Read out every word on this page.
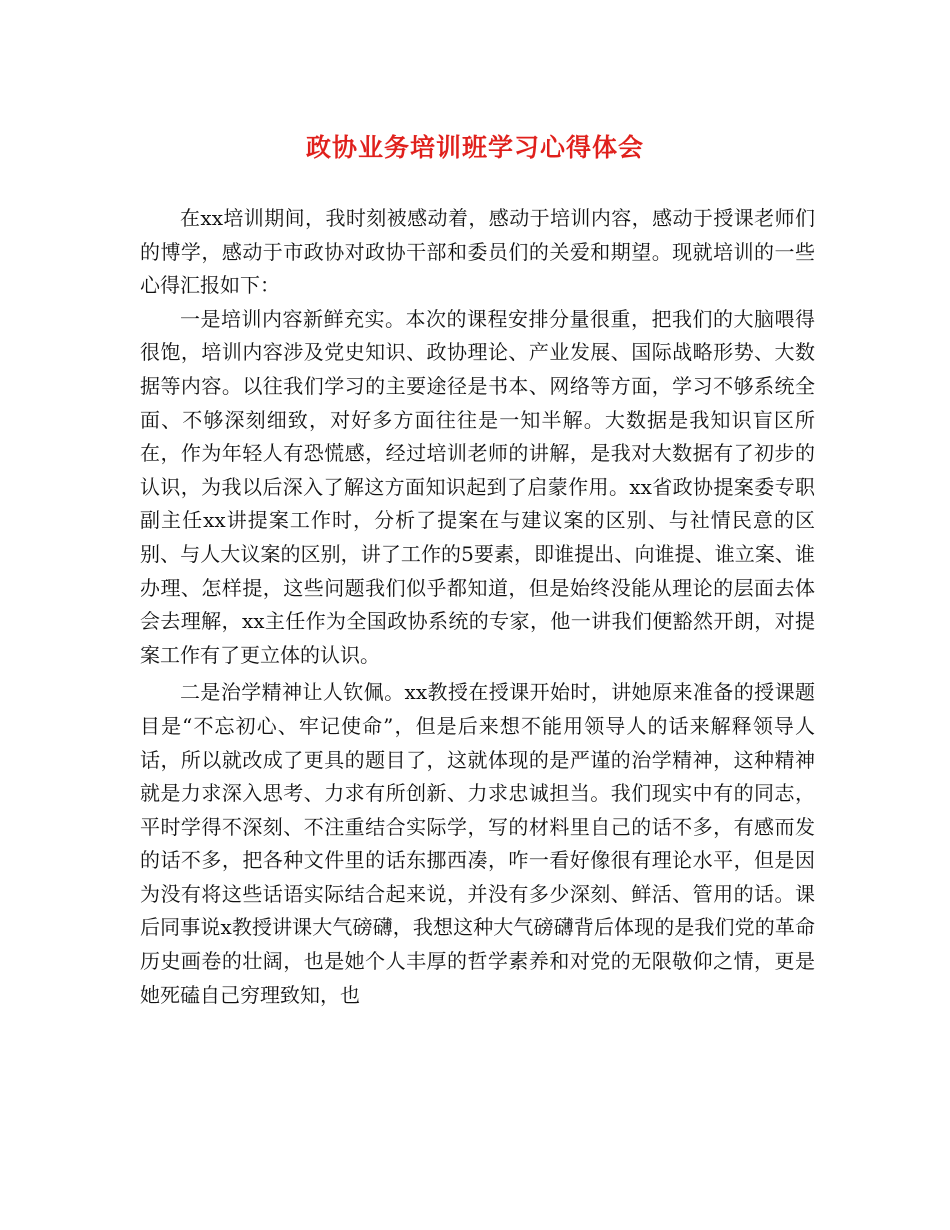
政协业务培训班学习心得体会

在xx培训期间，我时刻被感动着，感动于培训内容，感动于授课老师们的博学，感动于市政协对政协干部和委员们的关爱和期望。现就培训的一些心得汇报如下：

一是培训内容新鲜充实。本次的课程安排分量很重，把我们的大脑喂得很饱，培训内容涉及党史知识、政协理论、产业发展、国际战略形势、大数据等内容。以往我们学习的主要途径是书本、网络等方面，学习不够系统全面、不够深刻细致，对好多方面往往是一知半解。大数据是我知识盲区所在，作为年轻人有恐慌感，经过培训老师的讲解，是我对大数据有了初步的认识，为我以后深入了解这方面知识起到了启蒙作用。xx省政协提案委专职副主任xx讲提案工作时，分析了提案在与建议案的区别、与社情民意的区别、与人大议案的区别，讲了工作的5要素，即谁提出、向谁提、谁立案、谁办理、怎样提，这些问题我们似乎都知道，但是始终没能从理论的层面去体会去理解，xx主任作为全国政协系统的专家，他一讲我们便豁然开朗，对提案工作有了更立体的认识。

二是治学精神让人钦佩。xx教授在授课开始时，讲她原来准备的授课题目是“不忘初心、牢记使命”，但是后来想不能用领导人的话来解释领导人话，所以就改成了更具的题目了，这就体现的是严谨的治学精神，这种精神就是力求深入思考、力求有所创新、力求忠诚担当。我们现实中有的同志，平时学得不深刻、不注重结合实际学，写的材料里自己的话不多，有感而发的话不多，把各种文件里的话东挪西凑，咋一看好像很有理论水平，但是因为没有将这些话语实际结合起来说，并没有多少深刻、鲜活、管用的话。课后同事说x教授讲课大气磅礴，我想这种大气磅礴背后体现的是我们党的革命历史画卷的壮阔，也是她个人丰厚的哲学素养和对党的无限敬仰之情，更是她死磕自己穷理致知，也
